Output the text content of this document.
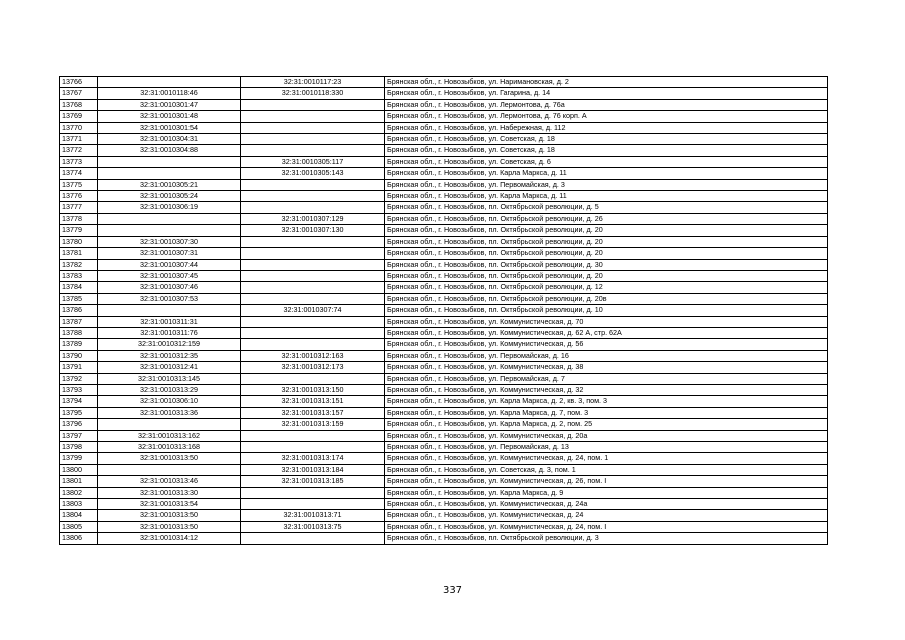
13766		32:31:0010117:23	Брянская обл., г. Новозыбков, ул. Наримановская, д. 2
13767	32:31:0010118:46	32:31:0010118:330	Брянская обл., г. Новозыбков, ул. Гагарина, д. 14
13768	32:31:0010301:47		Брянская обл., г. Новозыбков, ул. Лермонтова, д. 76а
13769	32:31:0010301:48		Брянская обл., г. Новозыбков, ул. Лермонтова, д. 76 корп. А
13770	32:31:0010301:54		Брянская обл., г. Новозыбков, ул. Набережная, д. 112
13771	32:31:0010304:31		Брянская обл., г. Новозыбков, ул. Советская, д. 18
13772	32:31:0010304:88		Брянская обл., г. Новозыбков, ул. Советская, д. 18
13773		32:31:0010305:117	Брянская обл., г. Новозыбков, ул. Советская, д. 6
13774		32:31:0010305:143	Брянская обл., г. Новозыбков, ул. Карла Маркса, д. 11
13775	32:31:0010305:21		Брянская обл., г. Новозыбков, ул. Первомайская, д. 3
13776	32:31:0010305:24		Брянская обл., г. Новозыбков, ул. Карла Маркса, д. 11
13777	32:31:0010306:19		Брянская обл., г. Новозыбков, пл. Октябрьской революции, д. 5
13778		32:31:0010307:129	Брянская обл., г. Новозыбков, пл. Октябрьской революции, д. 26
13779		32:31:0010307:130	Брянская обл., г. Новозыбков, пл. Октябрьской революции, д. 20
13780	32:31:0010307:30		Брянская обл., г. Новозыбков, пл. Октябрьской революции, д. 20
13781	32:31:0010307:31		Брянская обл., г. Новозыбков, пл. Октябрьской революции, д. 20
13782	32:31:0010307:44		Брянская обл., г. Новозыбков, пл. Октябрьской революции, д. 30
13783	32:31:0010307:45		Брянская обл., г. Новозыбков, пл. Октябрьской революции, д. 20
13784	32:31:0010307:46		Брянская обл., г. Новозыбков, пл. Октябрьской революции, д. 12
13785	32:31:0010307:53		Брянская обл., г. Новозыбков, пл. Октябрьской революции, д. 20в
13786		32:31:0010307:74	Брянская обл., г. Новозыбков, пл. Октябрьской революции, д. 10
13787	32:31:0010311:31		Брянская обл., г. Новозыбков, ул. Коммунистическая, д. 70
13788	32:31:0010311:76		Брянская обл., г. Новозыбков, ул. Коммунистическая, д. 62 А, стр. 62А
13789	32:31:0010312:159		Брянская обл., г. Новозыбков, ул. Коммунистическая, д. 56
13790	32:31:0010312:35	32:31:0010312:163	Брянская обл., г. Новозыбков, ул. Первомайская, д. 16
13791	32:31:0010312:41	32:31:0010312:173	Брянская обл., г. Новозыбков, ул. Коммунистическая, д. 38
13792	32:31:0010313:145		Брянская обл., г. Новозыбков, ул. Первомайская, д. 7
13793	32:31:0010313:29	32:31:0010313:150	Брянская обл., г. Новозыбков, ул. Коммунистическая, д. 32
13794	32:31:0010306:10	32:31:0010313:151	Брянская обл., г. Новозыбков, ул. Карла Маркса, д. 2, кв. 3, пом. 3
13795	32:31:0010313:36	32:31:0010313:157	Брянская обл., г. Новозыбков, ул. Карла Маркса, д. 7, пом. 3
13796		32:31:0010313:159	Брянская обл., г. Новозыбков, ул. Карла Маркса, д. 2, пом. 25
13797	32:31:0010313:162		Брянская обл., г. Новозыбков, ул. Коммунистическая, д. 20а
13798	32:31:0010313:168		Брянская обл., г. Новозыбков, ул. Первомайская, д. 13
13799	32:31:0010313:50	32:31:0010313:174	Брянская обл., г. Новозыбков, ул. Коммунистическая, д. 24, пом. 1
13800		32:31:0010313:184	Брянская обл., г. Новозыбков, ул. Советская, д. 3, пом. 1
13801	32:31:0010313:46	32:31:0010313:185	Брянская обл., г. Новозыбков, ул. Коммунистическая, д. 26, пом. I
13802	32:31:0010313:30		Брянская обл., г. Новозыбков, ул. Карла Маркса, д. 9
13803	32:31:0010313:54		Брянская обл., г. Новозыбков, ул. Коммунистическая, д. 24а
13804	32:31:0010313:50	32:31:0010313:71	Брянская обл., г. Новозыбков, ул. Коммунистическая, д. 24
13805	32:31:0010313:50	32:31:0010313:75	Брянская обл., г. Новозыбков, ул. Коммунистическая, д. 24, пом. I
13806	32:31:0010314:12		Брянская обл., г. Новозыбков, пл. Октябрьской революции, д. 3
337
